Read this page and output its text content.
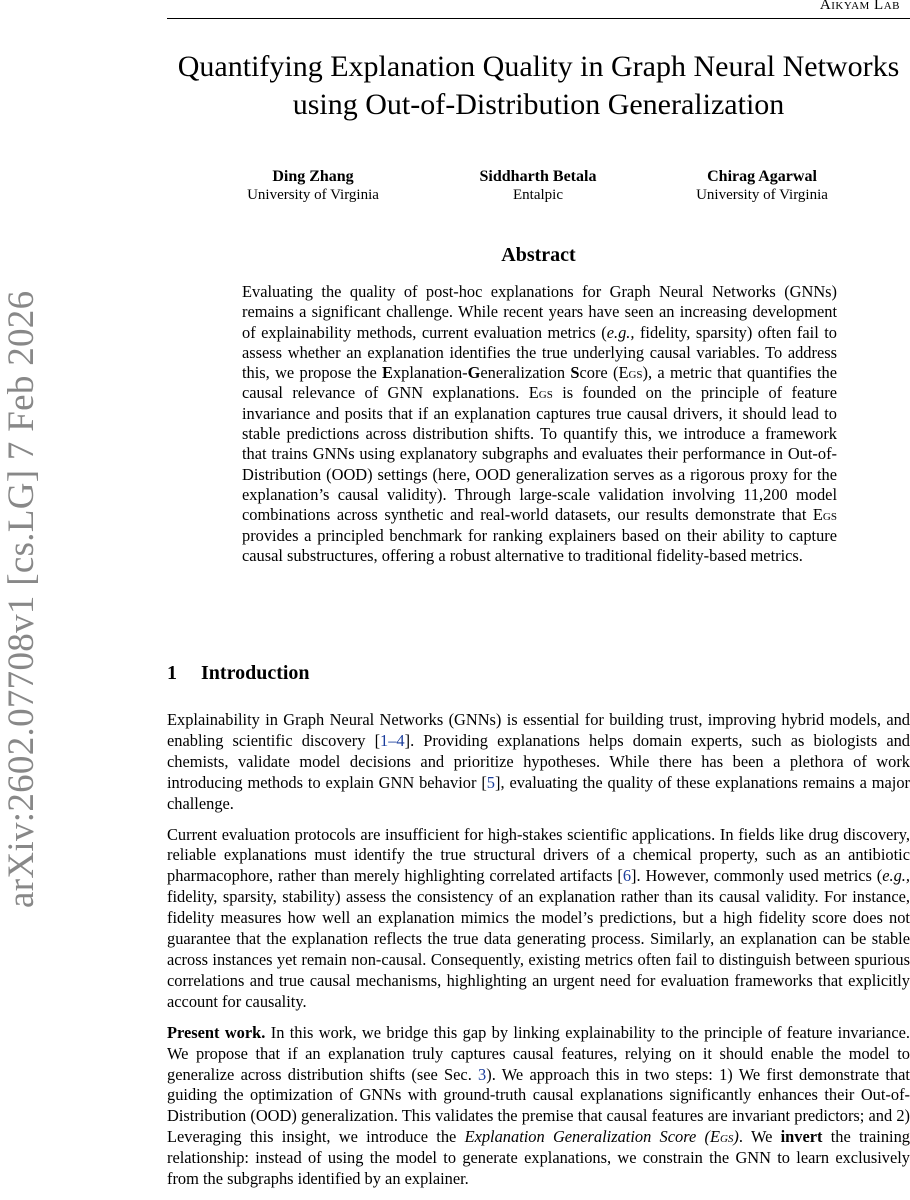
Aikyam Lab
arXiv:2602.07708v1 [cs.LG] 7 Feb 2026
Quantifying Explanation Quality in Graph Neural Networks using Out-of-Distribution Generalization
Ding Zhang
University of Virginia
Siddharth Betala
Entalpic
Chirag Agarwal
University of Virginia
Abstract
Evaluating the quality of post-hoc explanations for Graph Neural Networks (GNNs) remains a significant challenge. While recent years have seen an increasing development of explainability methods, current evaluation metrics (e.g., fidelity, sparsity) often fail to assess whether an explanation identifies the true underlying causal variables. To address this, we propose the Explanation-Generalization Score (Egs), a metric that quantifies the causal relevance of GNN explanations. Egs is founded on the principle of feature invariance and posits that if an explanation captures true causal drivers, it should lead to stable predictions across distribution shifts. To quantify this, we introduce a framework that trains GNNs using explanatory subgraphs and evaluates their performance in Out-of-Distribution (OOD) settings (here, OOD generalization serves as a rigorous proxy for the explanation’s causal validity). Through large-scale validation involving 11,200 model combinations across synthetic and real-world datasets, our results demonstrate that Egs provides a principled benchmark for ranking explainers based on their ability to capture causal substructures, offering a robust alternative to traditional fidelity-based metrics.
1 Introduction

Explainability in Graph Neural Networks (GNNs) is essential for building trust, improving hybrid models, and enabling scientific discovery [1–4]. Providing explanations helps domain experts, such as biologists and chemists, validate model decisions and prioritize hypotheses. While there has been a plethora of work introducing methods to explain GNN behavior [5], evaluating the quality of these explanations remains a major challenge.

Current evaluation protocols are insufficient for high-stakes scientific applications. In fields like drug discovery, reliable explanations must identify the true structural drivers of a chemical property, such as an antibiotic pharmacophore, rather than merely highlighting correlated artifacts [6]. However, commonly used metrics (e.g., fidelity, sparsity, stability) assess the consistency of an explanation rather than its causal validity. For instance, fidelity measures how well an explanation mimics the model’s predictions, but a high fidelity score does not guarantee that the explanation reflects the true data generating process. Similarly, an explanation can be stable across instances yet remain non-causal. Consequently, existing metrics often fail to distinguish between spurious correlations and true causal mechanisms, highlighting an urgent need for evaluation frameworks that explicitly account for causality.

Present work. In this work, we bridge this gap by linking explainability to the principle of feature invariance. We propose that if an explanation truly captures causal features, relying on it should enable the model to generalize across distribution shifts (see Sec. 3). We approach this in two steps: 1) We first demonstrate that guiding the optimization of GNNs with ground-truth causal explanations significantly enhances their Out-of-Distribution (OOD) generalization. This validates the premise that causal features are invariant predictors; and 2) Leveraging this insight, we introduce the Explanation Generalization Score (Egs). We invert the training relationship: instead of using the model to generate explanations, we constrain the GNN to learn exclusively from the subgraphs identified by an explainer.
